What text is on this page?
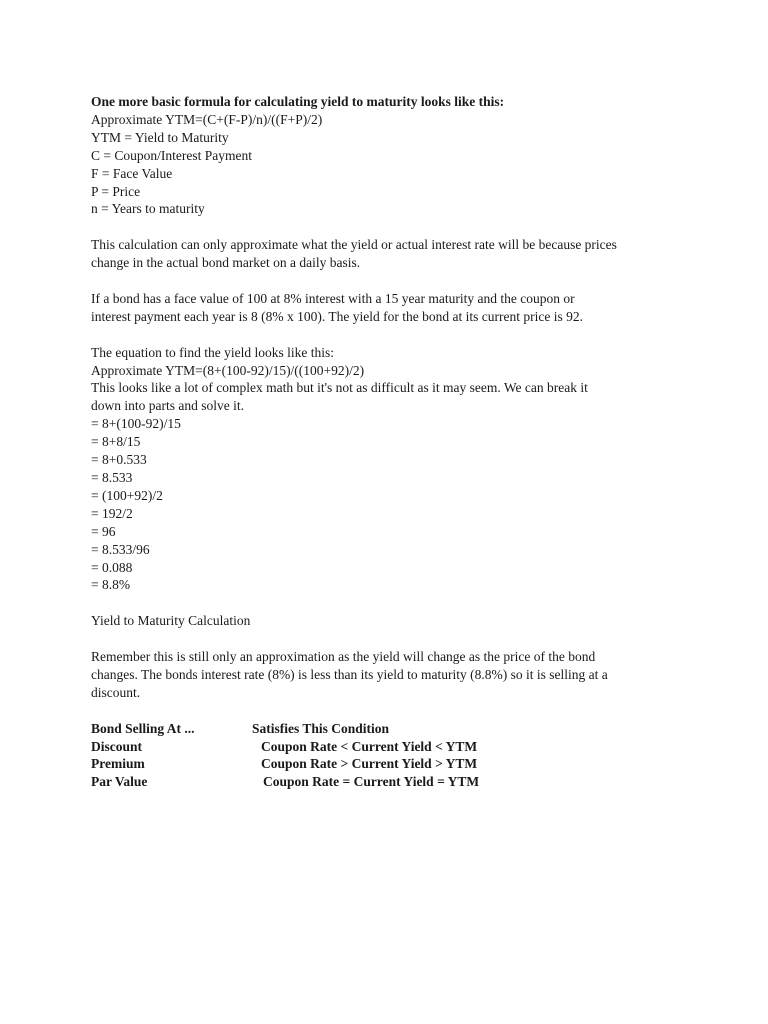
One more basic formula for calculating yield to maturity looks like this:
Approximate YTM=(C+(F-P)/n)/((F+P)/2)
YTM = Yield to Maturity
C = Coupon/Interest Payment
F = Face Value
P = Price
n = Years to maturity
This calculation can only approximate what the yield or actual interest rate will be because prices
change in the actual bond market on a daily basis.
If a bond has a face value of 100 at 8% interest with a 15 year maturity and the coupon or
interest payment each year is 8 (8% x 100). The yield for the bond at its current price is 92.
The equation to find the yield looks like this:
Approximate YTM=(8+(100-92)/15)/((100+92)/2)
This looks like a lot of complex math but it's not as difficult as it may seem. We can break it
down into parts and solve it.
= 8+(100-92)/15
= 8+8/15
= 8+0.533
= 8.533
= (100+92)/2
= 192/2
= 96
= 8.533/96
= 0.088
= 8.8%
Yield to Maturity Calculation
Remember this is still only an approximation as the yield will change as the price of the bond
changes. The bonds interest rate (8%) is less than its yield to maturity (8.8%) so it is selling at a
discount.
Bond Selling At ...	Satisfies This Condition
Discount	Coupon Rate < Current Yield < YTM
Premium	Coupon Rate > Current Yield > YTM
Par Value	Coupon Rate = Current Yield = YTM
